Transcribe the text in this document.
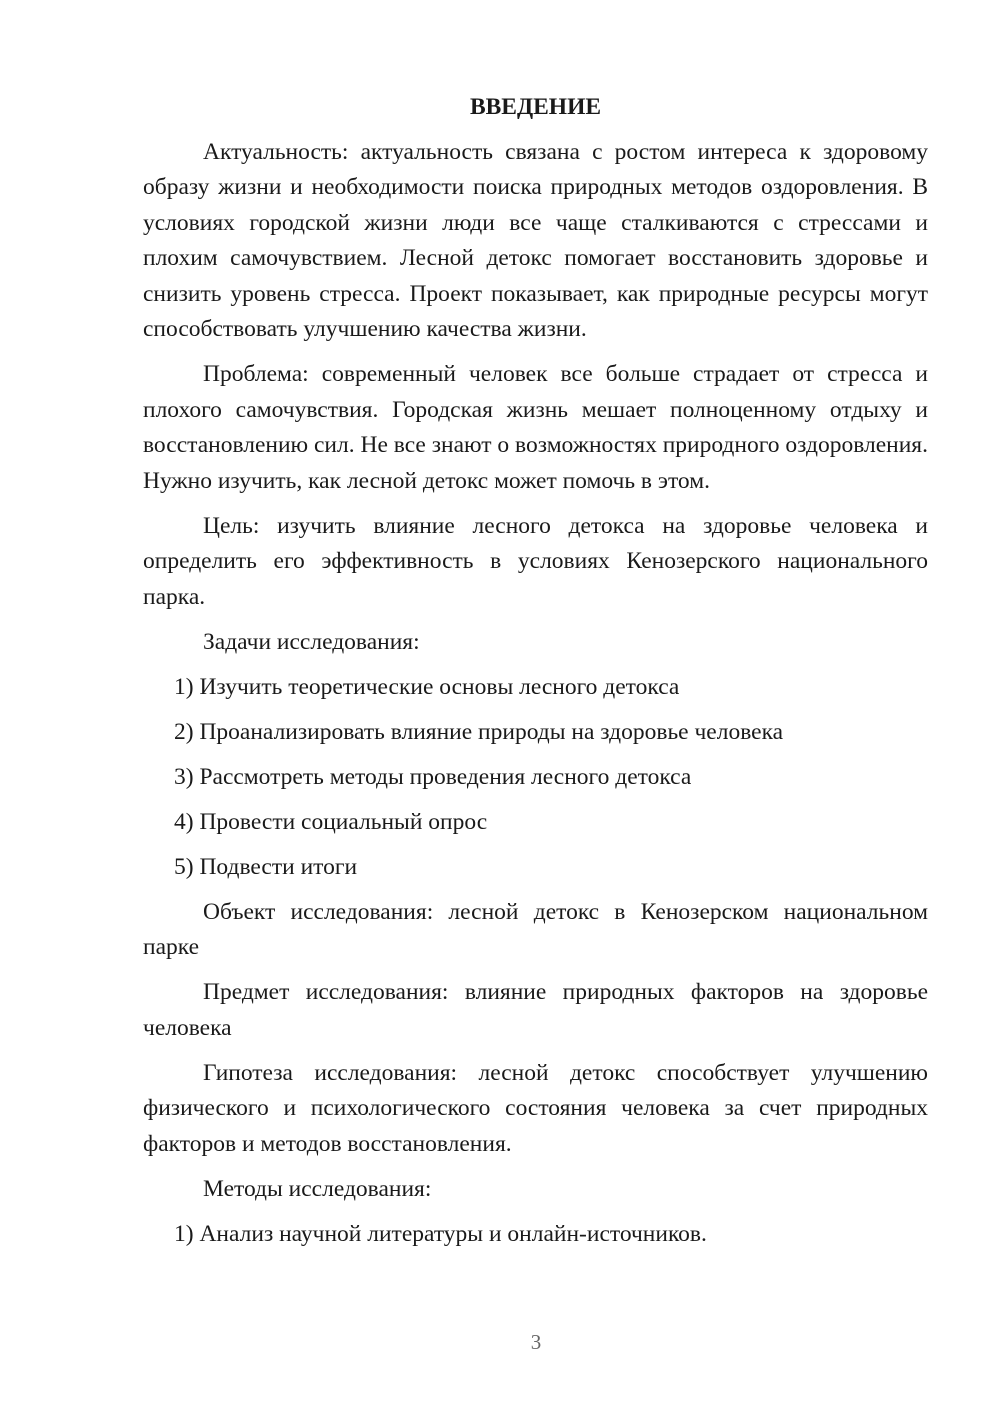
ВВЕДЕНИЕ

Актуальность: актуальность связана с ростом интереса к здоровому образу жизни и необходимости поиска природных методов оздоровления. В условиях городской жизни люди все чаще сталкиваются с стрессами и плохим самочувствием. Лесной детокс помогает восстановить здоровье и снизить уровень стресса. Проект показывает, как природные ресурсы могут способствовать улучшению качества жизни.

Проблема: современный человек все больше страдает от стресса и плохого самочувствия. Городская жизнь мешает полноценному отдыху и восстановлению сил. Не все знают о возможностях природного оздоровления. Нужно изучить, как лесной детокс может помочь в этом.

Цель: изучить влияние лесного детокса на здоровье человека и определить его эффективность в условиях Кенозерского национального парка.

Задачи исследования:

1) Изучить теоретические основы лесного детокса

2) Проанализировать влияние природы на здоровье человека

3) Рассмотреть методы проведения лесного детокса

4) Провести социальный опрос

5) Подвести итоги

Объект исследования: лесной детокс в Кенозерском национальном парке

Предмет исследования: влияние природных факторов на здоровье человека

Гипотеза исследования: лесной детокс способствует улучшению физического и психологического состояния человека за счет природных факторов и методов восстановления.

Методы исследования:

1) Анализ научной литературы и онлайн-источников.

3
